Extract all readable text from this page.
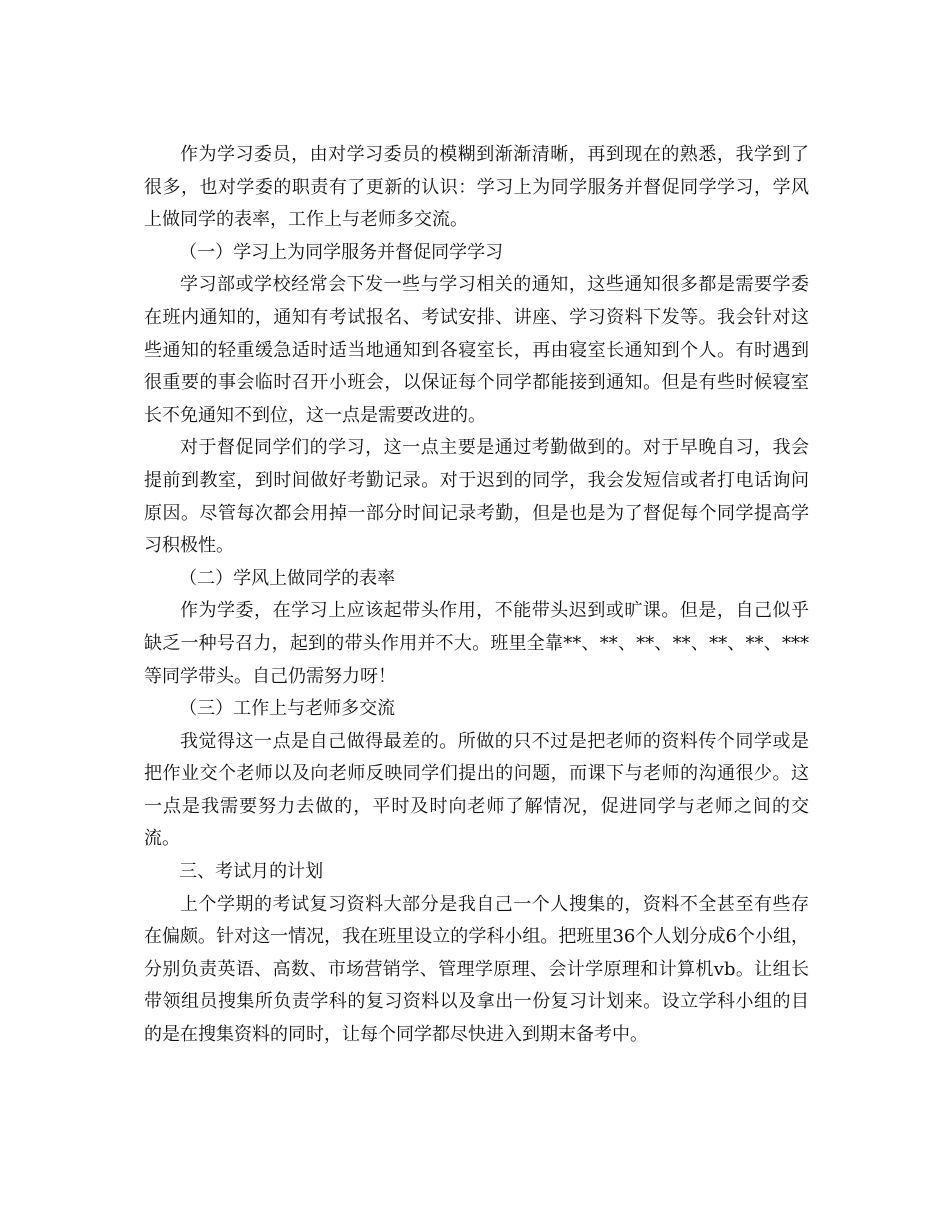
作为学习委员，由对学习委员的模糊到渐渐清晰，再到现在的熟悉，我学到了很多，也对学委的职责有了更新的认识：学习上为同学服务并督促同学学习，学风上做同学的表率，工作上与老师多交流。

（一）学习上为同学服务并督促同学学习

学习部或学校经常会下发一些与学习相关的通知，这些通知很多都是需要学委在班内通知的，通知有考试报名、考试安排、讲座、学习资料下发等。我会针对这些通知的轻重缓急适时适当地通知到各寝室长，再由寝室长通知到个人。有时遇到很重要的事会临时召开小班会，以保证每个同学都能接到通知。但是有些时候寝室长不免通知不到位，这一点是需要改进的。

对于督促同学们的学习，这一点主要是通过考勤做到的。对于早晚自习，我会提前到教室，到时间做好考勤记录。对于迟到的同学，我会发短信或者打电话询问原因。尽管每次都会用掉一部分时间记录考勤，但是也是为了督促每个同学提高学习积极性。

（二）学风上做同学的表率

作为学委，在学习上应该起带头作用，不能带头迟到或旷课。但是，自己似乎缺乏一种号召力，起到的带头作用并不大。班里全靠**、**、**、**、**、**、***等同学带头。自己仍需努力呀！

（三）工作上与老师多交流

我觉得这一点是自己做得最差的。所做的只不过是把老师的资料传个同学或是把作业交个老师以及向老师反映同学们提出的问题，而课下与老师的沟通很少。这一点是我需要努力去做的，平时及时向老师了解情况，促进同学与老师之间的交流。

三、考试月的计划

上个学期的考试复习资料大部分是我自己一个人搜集的，资料不全甚至有些存在偏颇。针对这一情况，我在班里设立的学科小组。把班里36个人划分成6个小组，分别负责英语、高数、市场营销学、管理学原理、会计学原理和计算机vb。让组长带领组员搜集所负责学科的复习资料以及拿出一份复习计划来。设立学科小组的目的是在搜集资料的同时，让每个同学都尽快进入到期末备考中。
